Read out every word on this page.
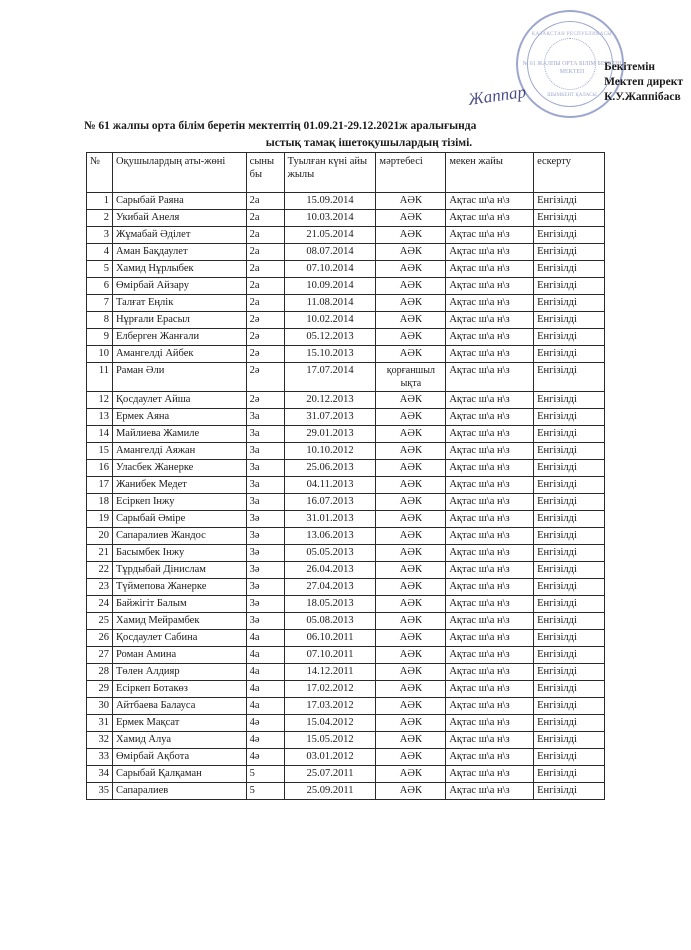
ҚАЗАҚСТАН РЕСПУБЛИКАСЫ
№ 61 ЖАЛПЫ ОРТА БІЛІМ БЕРЕТІН МЕКТЕП
ШЫМКЕНТ ҚАЛАСЫ
Жаппар
Бекітемін
Мектеп директ
К.У.Жаппібасв
№ 61 жалпы орта білім беретін мектептің 01.09.21-29.12.2021ж аралығында
ыстық тамақ ішетоқушылардың тізімі.
№	Оқушылардың аты-жөні	сыны бы	Туылған күні айы жылы	мәртебесі	мекен жайы	ескерту
1	Сарыбай Раяна	2а	15.09.2014	АӘК	Ақтас ш\а н\з	Енгізілді
2	Укибай Анеля	2а	10.03.2014	АӘК	Ақтас ш\а н\з	Енгізілді
3	Жұмабай Әділет	2а	21.05.2014	АӘК	Ақтас ш\а н\з	Енгізілді
4	Аман Бақдаулет	2а	08.07.2014	АӘК	Ақтас ш\а н\з	Енгізілді
5	Хамид Нұрлыбек	2а	07.10.2014	АӘК	Ақтас ш\а н\з	Енгізілді
6	Өмірбай Айзару	2а	10.09.2014	АӘК	Ақтас ш\а н\з	Енгізілді
7	Талғат Еңлік	2а	11.08.2014	АӘК	Ақтас ш\а н\з	Енгізілді
8	Нұрғали Ерасыл	2ә	10.02.2014	АӘК	Ақтас ш\а н\з	Енгізілді
9	Елберген Жанғали	2ә	05.12.2013	АӘК	Ақтас ш\а н\з	Енгізілді
10	Амангелді Айбек	2ә	15.10.2013	АӘК	Ақтас ш\а н\з	Енгізілді
11	Раман Әли	2ә	17.07.2014	қорғаншыл ықта	Ақтас ш\а н\з	Енгізілді
12	Қосдаулет Айша	2ә	20.12.2013	АӘК	Ақтас ш\а н\з	Енгізілді
13	Ермек Аяна	3а	31.07.2013	АӘК	Ақтас ш\а н\з	Енгізілді
14	Майлиева Жамиле	3а	29.01.2013	АӘК	Ақтас ш\а н\з	Енгізілді
15	Амангелді Аяжан	3а	10.10.2012	АӘК	Ақтас ш\а н\з	Енгізілді
16	Уласбек Жанерке	3а	25.06.2013	АӘК	Ақтас ш\а н\з	Енгізілді
17	Жанибек Медет	3а	04.11.2013	АӘК	Ақтас ш\а н\з	Енгізілді
18	Есіркеп Інжу	3а	16.07.2013	АӘК	Ақтас ш\а н\з	Енгізілді
19	Сарыбай Әміре	3ә	31.01.2013	АӘК	Ақтас ш\а н\з	Енгізілді
20	Сапаралиев Жандос	3ә	13.06.2013	АӘК	Ақтас ш\а н\з	Енгізілді
21	Басымбек Інжу	3ә	05.05.2013	АӘК	Ақтас ш\а н\з	Енгізілді
22	Тұрдыбай Дінислам	3ә	26.04.2013	АӘК	Ақтас ш\а н\з	Енгізілді
23	Түймепова Жанерке	3ә	27.04.2013	АӘК	Ақтас ш\а н\з	Енгізілді
24	Байжігіт Балым	3ә	18.05.2013	АӘК	Ақтас ш\а н\з	Енгізілді
25	Хамид Мейрамбек	3ә	05.08.2013	АӘК	Ақтас ш\а н\з	Енгізілді
26	Қосдаулет Сабина	4а	06.10.2011	АӘК	Ақтас ш\а н\з	Енгізілді
27	Роман Амина	4а	07.10.2011	АӘК	Ақтас ш\а н\з	Енгізілді
28	Төлен Алдияр	4а	14.12.2011	АӘК	Ақтас ш\а н\з	Енгізілді
29	Есіркеп Ботакөз	4а	17.02.2012	АӘК	Ақтас ш\а н\з	Енгізілді
30	Айтбаева Балауса	4а	17.03.2012	АӘК	Ақтас ш\а н\з	Енгізілді
31	Ермек Мақсат	4ә	15.04.2012	АӘК	Ақтас ш\а н\з	Енгізілді
32	Хамид Алуа	4ә	15.05.2012	АӘК	Ақтас ш\а н\з	Енгізілді
33	Өмірбай Ақбота	4ә	03.01.2012	АӘК	Ақтас ш\а н\з	Енгізілді
34	Сарыбай Қалқаман	5	25.07.2011	АӘК	Ақтас ш\а н\з	Енгізілді
35	Сапаралиев	5	25.09.2011	АӘК	Ақтас ш\а н\з	Енгізілді
